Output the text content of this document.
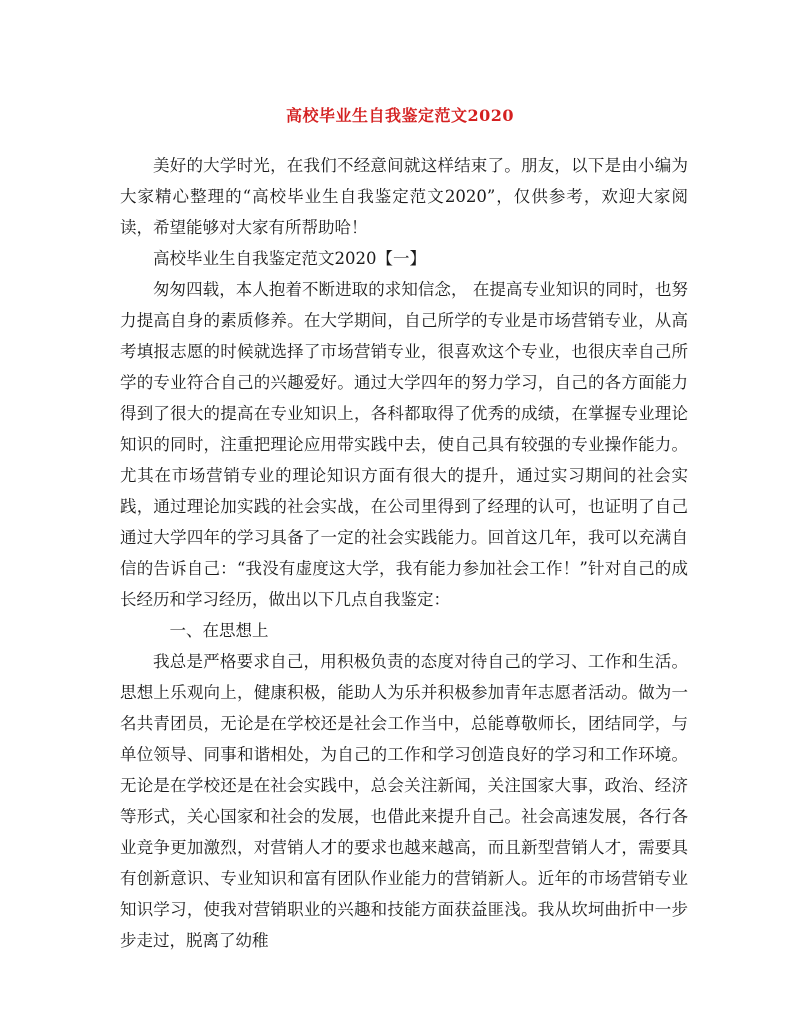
高校毕业生自我鉴定范文2020

美好的大学时光，在我们不经意间就这样结束了。朋友，以下是由小编为大家精心整理的“高校毕业生自我鉴定范文2020”，仅供参考，欢迎大家阅读，希望能够对大家有所帮助哈！

高校毕业生自我鉴定范文2020【一】

匆匆四载，本人抱着不断进取的求知信念， 在提高专业知识的同时，也努力提高自身的素质修养。在大学期间，自己所学的专业是市场营销专业，从高考填报志愿的时候就选择了市场营销专业，很喜欢这个专业，也很庆幸自己所学的专业符合自己的兴趣爱好。通过大学四年的努力学习，自己的各方面能力得到了很大的提高在专业知识上，各科都取得了优秀的成绩，在掌握专业理论知识的同时，注重把理论应用带实践中去，使自己具有较强的专业操作能力。尤其在市场营销专业的理论知识方面有很大的提升，通过实习期间的社会实践，通过理论加实践的社会实战，在公司里得到了经理的认可，也证明了自己通过大学四年的学习具备了一定的社会实践能力。回首这几年，我可以充满自信的告诉自己：“我没有虚度这大学，我有能力参加社会工作！”针对自己的成长经历和学习经历，做出以下几点自我鉴定：

一、在思想上

我总是严格要求自己，用积极负责的态度对待自己的学习、工作和生活。思想上乐观向上，健康积极，能助人为乐并积极参加青年志愿者活动。做为一名共青团员，无论是在学校还是社会工作当中，总能尊敬师长，团结同学，与单位领导、同事和谐相处，为自己的工作和学习创造良好的学习和工作环境。无论是在学校还是在社会实践中，总会关注新闻，关注国家大事，政治、经济等形式，关心国家和社会的发展，也借此来提升自己。社会高速发展，各行各业竞争更加激烈，对营销人才的要求也越来越高，而且新型营销人才，需要具有创新意识、专业知识和富有团队作业能力的营销新人。近年的市场营销专业知识学习，使我对营销职业的兴趣和技能方面获益匪浅。我从坎坷曲折中一步步走过，脱离了幼稚
